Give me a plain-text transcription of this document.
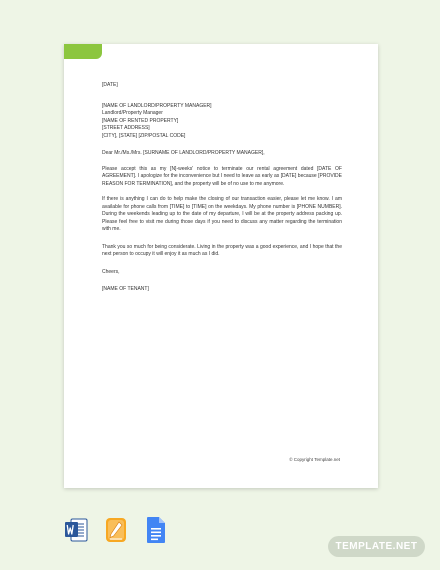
[DATE]
[NAME OF LANDLORD/PROPERTY MANAGER]
Landlord/Property Manager
[NAME OF RENTED PROPERTY]
[STREET ADDRESS]
[CITY], [STATE] [ZIP/POSTAL CODE]
Dear Mr./Ms./Mrs. [SURNAME OF LANDLORD/PROPERTY MANAGER],

Please accept this as my [N]-weeks' notice to terminate our rental agreement dated [DATE OF AGREEMENT]. I apologize for the inconvenience but I need to leave as early as [DATE] because [PROVIDE REASON FOR TERMINATION], and the property will be of no use to me anymore.

If there is anything I can do to help make the closing of our transaction easier, please let me know. I am available for phone calls from [TIME] to [TIME] on the weekdays. My phone number is [PHONE NUMBER]. During the weekends leading up to the date of my departure, I will be at the property address packing up. Please feel free to visit me during those days if you need to discuss any matter regarding the termination with me.

Thank you so much for being considerate. Living in the property was a good experience, and I hope that the next person to occupy it will enjoy it as much as I did.

Cheers,
[NAME OF TENANT]
© Copyright Template.net
TEMPLATE.NET
